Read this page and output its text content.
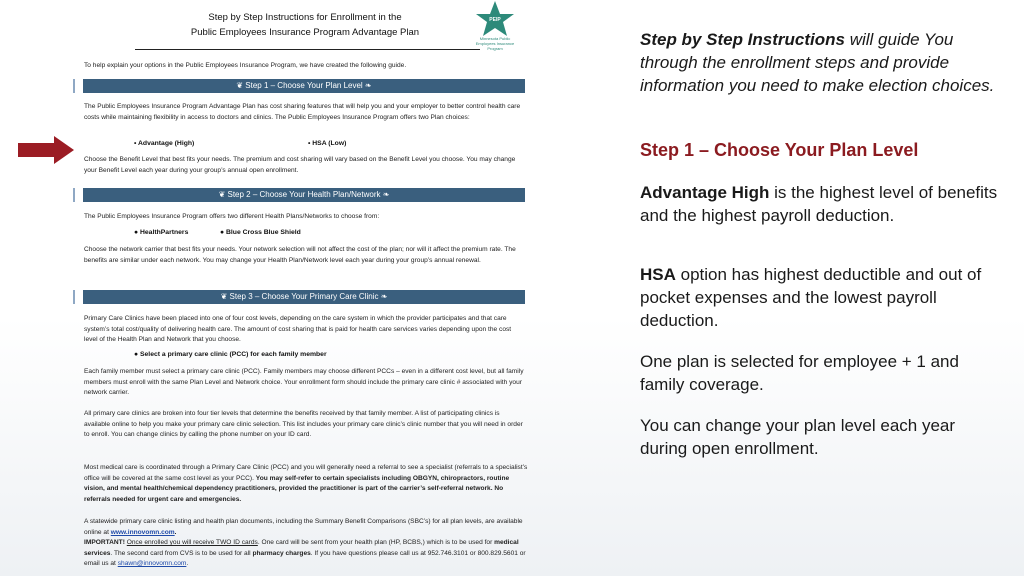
Step by Step Instructions for Enrollment in the
Public Employees Insurance Program Advantage Plan
PEIP
Minnesota Public Employees Insurance Program
To help explain your options in the Public Employees Insurance Program, we have created the following guide.
❦ Step 1 – Choose Your Plan Level ❧
The Public Employees Insurance Program Advantage Plan has cost sharing features that will help you and your employer to better control health care costs while maintaining flexibility in access to doctors and clinics. The Public Employees Insurance Program offers two Plan choices:
• Advantage (High)	• HSA (Low)
Choose the Benefit Level that best fits your needs. The premium and cost sharing will vary based on the Benefit Level you choose. You may change your Benefit Level each year during your group’s annual open enrollment.
❦ Step 2 – Choose Your Health Plan/Network ❧
The Public Employees Insurance Program offers two different Health Plans/Networks to choose from:
● HealthPartners	● Blue Cross Blue Shield
Choose the network carrier that best fits your needs. Your network selection will not affect the cost of the plan; nor will it affect the premium rate. The benefits are similar under each network. You may change your Health Plan/Network level each year during your group’s annual renewal.
❦ Step 3 – Choose Your Primary Care Clinic ❧
Primary Care Clinics have been placed into one of four cost levels, depending on the care system in which the provider participates and that care system’s total cost/quality of delivering health care. The amount of cost sharing that is paid for health care services varies depending upon the cost level of the Health Plan and Network that you choose.
● Select a primary care clinic (PCC) for each family member
Each family member must select a primary care clinic (PCC). Family members may choose different PCCs – even in a different cost level, but all family members must enroll with the same Plan Level and Network choice. Your enrollment form should include the primary care clinic # associated with your network carrier.
All primary care clinics are broken into four tier levels that determine the benefits received by that family member. A list of participating clinics is available online to help you make your primary care clinic selection. This list includes your primary care clinic’s clinic number that you will need in order to enroll. You can change clinics by calling the phone number on your ID card.
Most medical care is coordinated through a Primary Care Clinic (PCC) and you will generally need a referral to see a specialist (referrals to a specialist’s office will be covered at the same cost level as your PCC). You may self-refer to certain specialists including OBGYN, chiropractors, routine vision, and mental health/chemical dependency practitioners, provided the practitioner is part of the carrier’s self-referral network. No referrals needed for urgent care and emergencies.
A statewide primary care clinic listing and health plan documents, including the Summary Benefit Comparisons (SBC’s) for all plan levels, are available online at www.innovomn.com.
IMPORTANT! Once enrolled you will receive TWO ID cards. One card will be sent from your health plan (HP, BCBS,) which is to be used for medical services. The second card from CVS is to be used for all pharmacy charges. If you have questions please call us at 952.746.3101 or 800.829.5601 or email us at shawn@innovomn.com.
Step by Step Instructions will guide You through the enrollment steps and provide information you need to make election choices.
Step 1 – Choose Your Plan Level
Advantage High is the highest level of benefits and the highest payroll deduction.
HSA option has highest deductible and out of pocket expenses and the lowest payroll deduction.
One plan is selected for employee + 1 and family coverage.
You can change your plan level each year during open enrollment.
